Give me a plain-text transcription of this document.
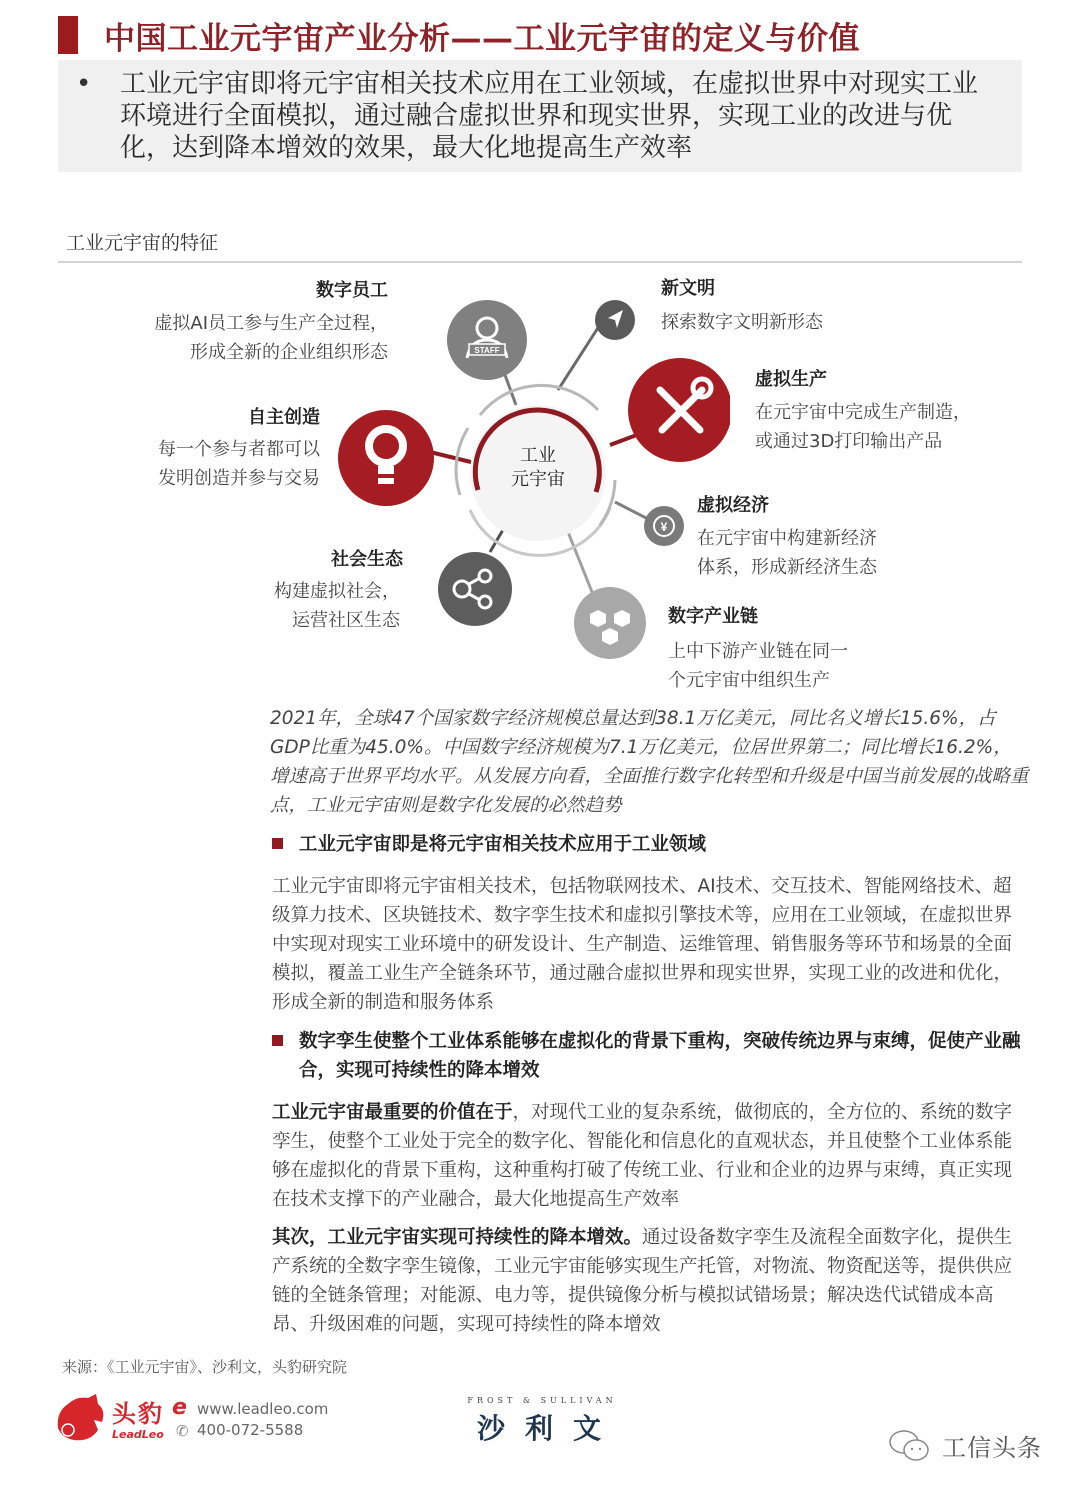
中国工业元宇宙产业分析——工业元宇宙的定义与价值
•	工业元宇宙即将元宇宙相关技术应用在工业领域，在虚拟世界中对现实工业环境进行全面模拟，通过融合虚拟世界和现实世界，实现工业的改进与优化，达到降本增效的效果，最大化地提高生产效率
工业元宇宙的特征
数字员工
虚拟AI员工参与生产全过程，
形成全新的企业组织形态
新文明
探索数字文明新形态
虚拟生产
在元宇宙中完成生产制造，
或通过3D打印输出产品
自主创造
每一个参与者都可以
发明创造并参与交易
虚拟经济
在元宇宙中构建新经济
体系，形成新经济生态
社会生态
构建虚拟社会，
运营社区生态	数字产业链
上中下游产业链在同一
个元宇宙中组织生产
STAFF
¥
工业
元宇宙
2021年，全球47个国家数字经济规模总量达到38.1万亿美元，同比名义增长15.6%，占GDP比重为45.0%。中国数字经济规模为7.1万亿美元，位居世界第二；同比增长16.2%，增速高于世界平均水平。从发展方向看，全面推行数字化转型和升级是中国当前发展的战略重点，工业元宇宙则是数字化发展的必然趋势
工业元宇宙即是将元宇宙相关技术应用于工业领域
工业元宇宙即将元宇宙相关技术，包括物联网技术、AI技术、交互技术、智能网络技术、超级算力技术、区块链技术、数字孪生技术和虚拟引擎技术等，应用在工业领域，在虚拟世界中实现对现实工业环境中的研发设计、生产制造、运维管理、销售服务等环节和场景的全面模拟，覆盖工业生产全链条环节，通过融合虚拟世界和现实世界，实现工业的改进和优化，形成全新的制造和服务体系
数字孪生使整个工业体系能够在虚拟化的背景下重构，突破传统边界与束缚，促使产业融合，实现可持续性的降本增效
工业元宇宙最重要的价值在于，对现代工业的复杂系统，做彻底的，全方位的、系统的数字孪生，使整个工业处于完全的数字化、智能化和信息化的直观状态，并且使整个工业体系能够在虚拟化的背景下重构，这种重构打破了传统工业、行业和企业的边界与束缚，真正实现在技术支撑下的产业融合，最大化地提高生产效率
其次，工业元宇宙实现可持续性的降本增效。通过设备数字孪生及流程全面数字化，提供生产系统的全数字孪生镜像，工业元宇宙能够实现生产托管，对物流、物资配送等，提供供应链的全链条管理；对能源、电力等，提供镜像分析与模拟试错场景；解决迭代试错成本高昂、升级困难的问题，实现可持续性的降本增效
来源：《工业元宇宙》、沙利文，头豹研究院
头豹
LeadLeo
e www.leadleo.com
✆ 400-072-5588
FROST & SULLIVAN
沙利文
工信头条
